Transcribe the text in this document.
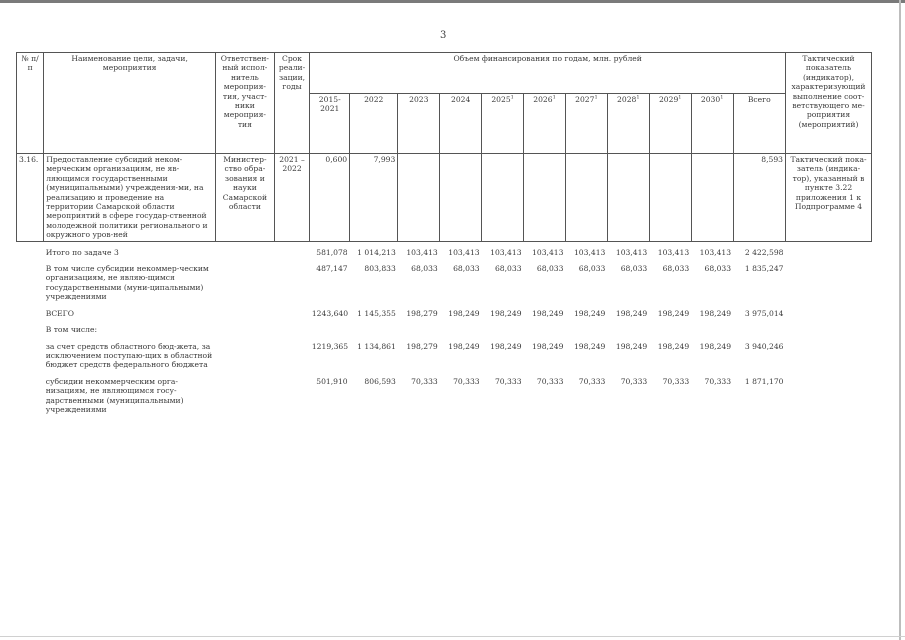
3
№ п/п	Наименование цели, задачи, мероприятия	Ответствен-ный испол-нитель мероприя-тия, участ-ники мероприя-тия	Срок реали-зации, годы	Объем финансирования по годам, млн. рублей											Тактический показатель (индикатор), характеризующий выполнение соот-ветствующего ме-роприятия (мероприятий)
				2015-2021	2022	2023	2024	2025$^1$	2026$^1$	2027$^1$	2028$^1$	2029$^1$	2030$^1$	Всего	
3.16.	Предоставление субсидий неком-мерческим организациям, не яв-ляющимся государственными (муниципальными) учреждения-ми, на реализацию и проведение на территории Самарской области мероприятий в сфере государ-ственной молодежной политики регионального и окружного уров-ней	Министер-ство обра-зования и науки Самарской области	2021 – 2022	0,600	7,993									8,593	Тактический пока-затель (индика-тор), указанный в пункте 3.22 приложения 1 к Подпрограмме 4
	Итого по задаче 3			581,078	1 014,213	103,413	103,413	103,413	103,413	103,413	103,413	103,413	103,413	2 422,598	
	В том числе субсидии некоммер-ческим организациям, не являю-щимся государственными (муни-ципальными) учреждениями			487,147	803,833	68,033	68,033	68,033	68,033	68,033	68,033	68,033	68,033	1 835,247	
	ВСЕГО			1243,640	1 145,355	198,279	198,249	198,249	198,249	198,249	198,249	198,249	198,249	3 975,014	
	В том числе:														
	за счет средств областного бюд-жета, за исключением поступаю-щих в областной бюджет средств федерального бюджета			1219,365	1 134,861	198,279	198,249	198,249	198,249	198,249	198,249	198,249	198,249	3 940,246	
	субсидии некоммерческим орга-низациям, не являющимся госу-дарственными (муниципальными) учреждениями			501,910	806,593	70,333	70,333	70,333	70,333	70,333	70,333	70,333	70,333	1 871,170	
